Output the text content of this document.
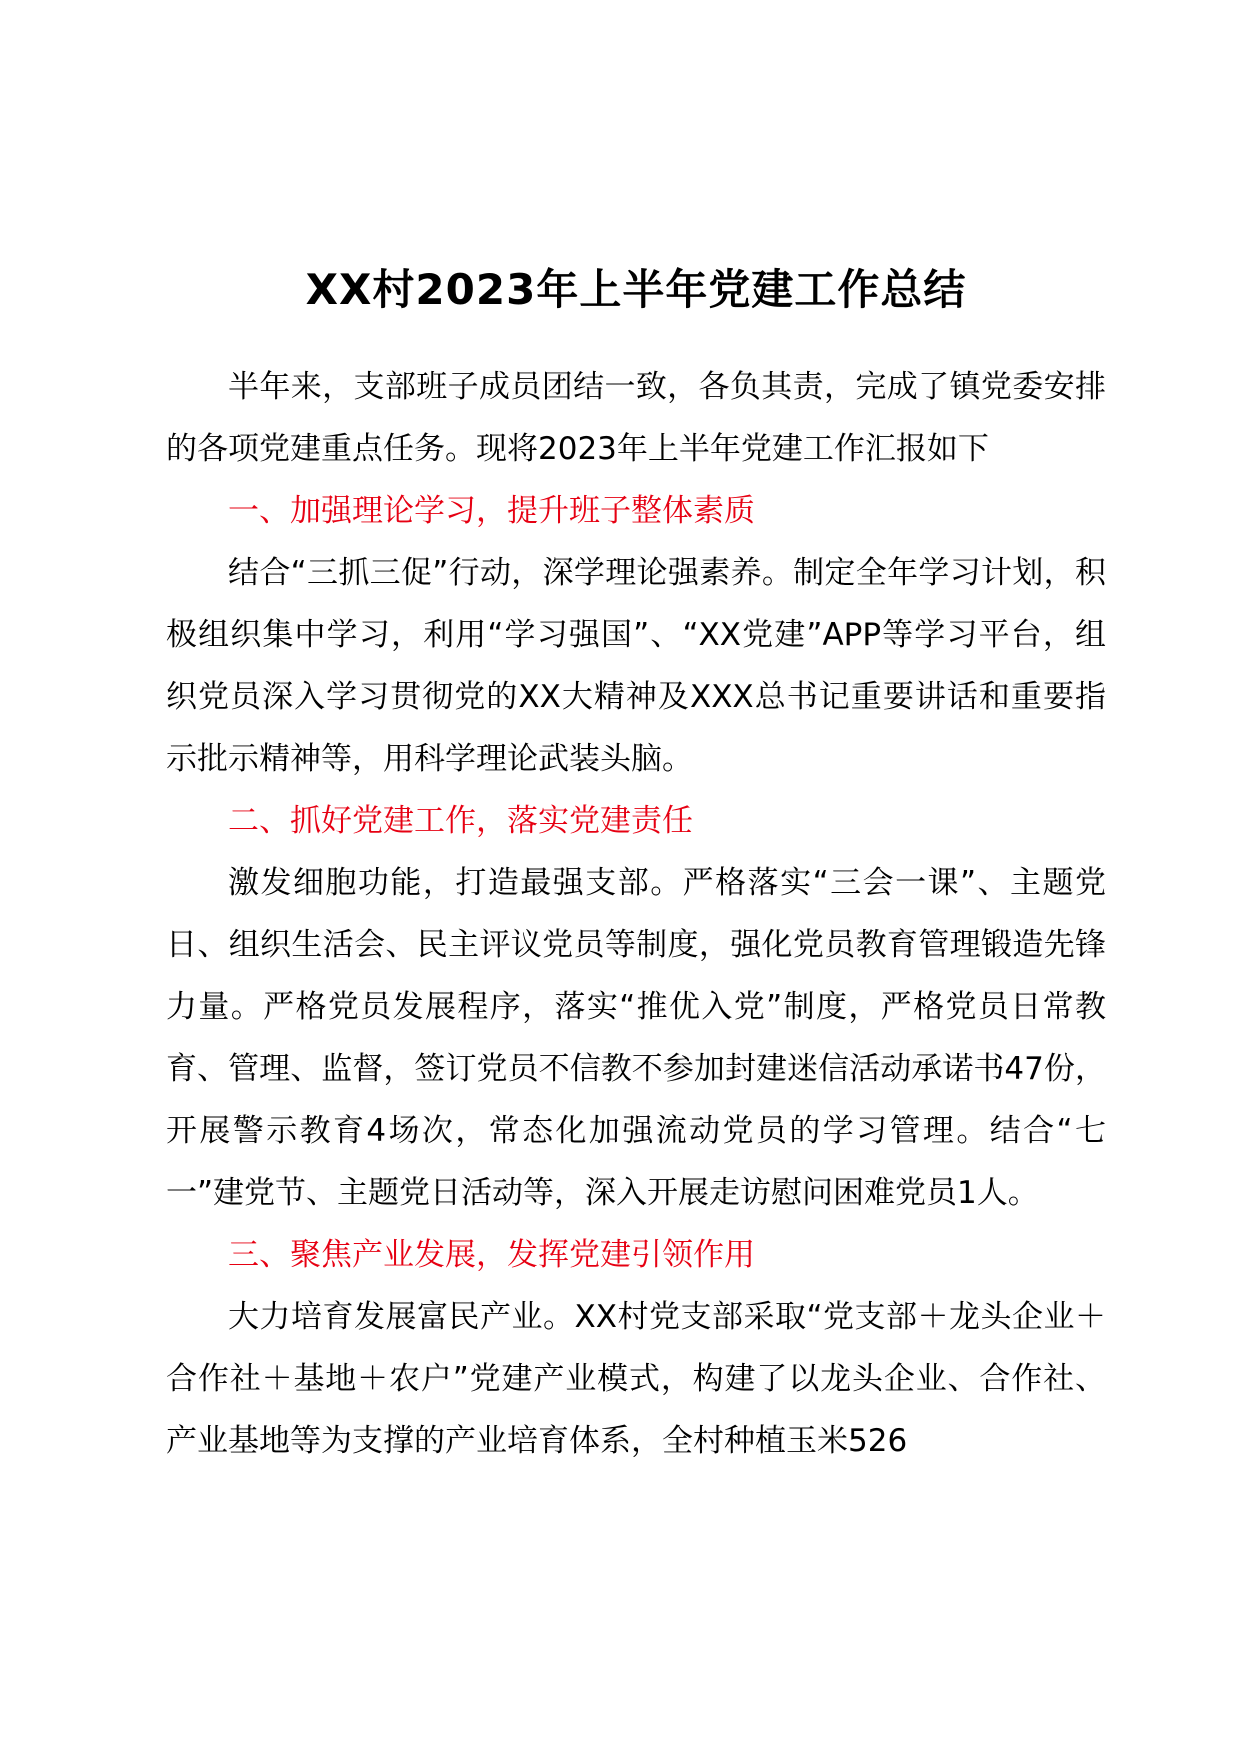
XX村2023年上半年党建工作总结

半年来，支部班子成员团结一致，各负其责，完成了镇党委安排的各项党建重点任务。现将2023年上半年党建工作汇报如下

一、加强理论学习，提升班子整体素质

结合“三抓三促”行动，深学理论强素养。制定全年学习计划，积极组织集中学习，利用“学习强国”、“XX党建”APP等学习平台，组织党员深入学习贯彻党的XX大精神及XXX总书记重要讲话和重要指示批示精神等，用科学理论武装头脑。

二、抓好党建工作，落实党建责任

激发细胞功能，打造最强支部。严格落实“三会一课”、主题党日、组织生活会、民主评议党员等制度，强化党员教育管理锻造先锋力量。严格党员发展程序，落实“推优入党”制度，严格党员日常教育、管理、监督，签订党员不信教不参加封建迷信活动承诺书47份，开展警示教育4场次，常态化加强流动党员的学习管理。结合“七一”建党节、主题党日活动等，深入开展走访慰问困难党员1人。

三、聚焦产业发展，发挥党建引领作用

大力培育发展富民产业。XX村党支部采取“党支部＋龙头企业＋合作社＋基地＋农户”党建产业模式，构建了以龙头企业、合作社、产业基地等为支撑的产业培育体系，全村种植玉米526
